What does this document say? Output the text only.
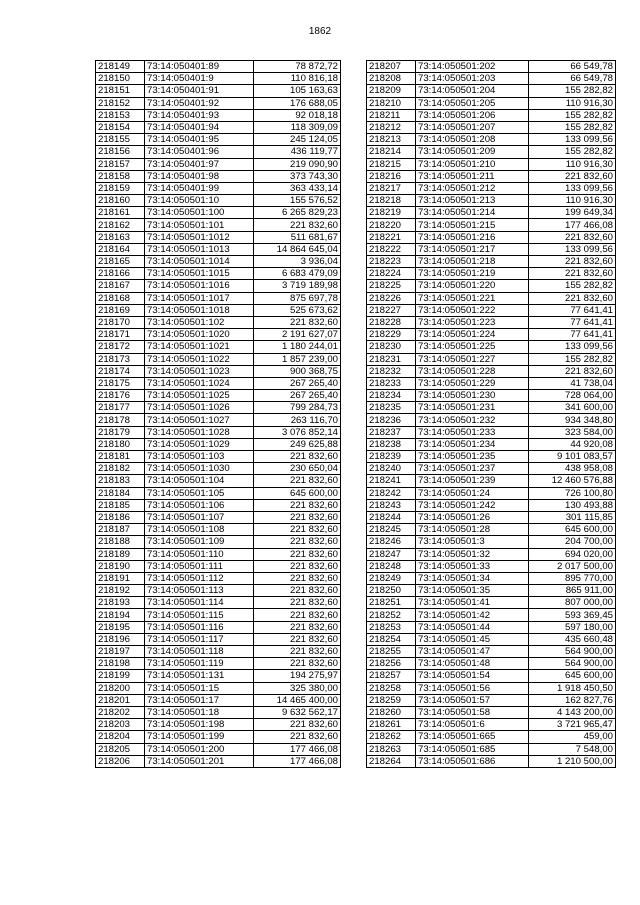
1862
218149	73:14:050401:89	78 872,72
218150	73:14:050401:9	110 816,18
218151	73:14:050401:91	105 163,63
218152	73:14:050401:92	176 688,05
218153	73:14:050401:93	92 018,18
218154	73:14:050401:94	118 309,09
218155	73:14:050401:95	245 124,05
218156	73:14:050401:96	436 119,77
218157	73:14:050401:97	219 090,90
218158	73:14:050401:98	373 743,30
218159	73:14:050401:99	363 433,14
218160	73:14:050501:10	155 576,52
218161	73:14:050501:100	6 265 829,23
218162	73:14:050501:101	221 832,60
218163	73:14:050501:1012	511 681,67
218164	73:14:050501:1013	14 864 645,04
218165	73:14:050501:1014	3 936,04
218166	73:14:050501:1015	6 683 479,09
218167	73:14:050501:1016	3 719 189,98
218168	73:14:050501:1017	875 697,78
218169	73:14:050501:1018	525 673,62
218170	73:14:050501:102	221 832,60
218171	73:14:050501:1020	2 191 627,07
218172	73:14:050501:1021	1 180 244,01
218173	73:14:050501:1022	1 857 239,00
218174	73:14:050501:1023	900 368,75
218175	73:14:050501:1024	267 265,40
218176	73:14:050501:1025	267 265,40
218177	73:14:050501:1026	799 284,73
218178	73:14:050501:1027	263 116,70
218179	73:14:050501:1028	3 076 852,14
218180	73:14:050501:1029	249 625,88
218181	73:14:050501:103	221 832,60
218182	73:14:050501:1030	230 650,04
218183	73:14:050501:104	221 832,60
218184	73:14:050501:105	645 600,00
218185	73:14:050501:106	221 832,60
218186	73:14:050501:107	221 832,60
218187	73:14:050501:108	221 832,60
218188	73:14:050501:109	221 832,60
218189	73:14:050501:110	221 832,60
218190	73:14:050501:111	221 832,60
218191	73:14:050501:112	221 832,60
218192	73:14:050501:113	221 832,60
218193	73:14:050501:114	221 832,60
218194	73:14:050501:115	221 832,60
218195	73:14:050501:116	221 832,60
218196	73:14:050501:117	221 832,60
218197	73:14:050501:118	221 832,60
218198	73:14:050501:119	221 832,60
218199	73:14:050501:131	194 275,97
218200	73:14:050501:15	325 380,00
218201	73:14:050501:17	14 465 400,00
218202	73:14:050501:18	9 632 562,17
218203	73:14:050501:198	221 832,60
218204	73:14:050501:199	221 832,60
218205	73:14:050501:200	177 466,08
218206	73:14:050501:201	177 466,08
218207	73:14:050501:202	66 549,78
218208	73:14:050501:203	66 549,78
218209	73:14:050501:204	155 282,82
218210	73:14:050501:205	110 916,30
218211	73:14:050501:206	155 282,82
218212	73:14:050501:207	155 282,82
218213	73:14:050501:208	133 099,56
218214	73:14:050501:209	155 282,82
218215	73:14:050501:210	110 916,30
218216	73:14:050501:211	221 832,60
218217	73:14:050501:212	133 099,56
218218	73:14:050501:213	110 916,30
218219	73:14:050501:214	199 649,34
218220	73:14:050501:215	177 466,08
218221	73:14:050501:216	221 832,60
218222	73:14:050501:217	133 099,56
218223	73:14:050501:218	221 832,60
218224	73:14:050501:219	221 832,60
218225	73:14:050501:220	155 282,82
218226	73:14:050501:221	221 832,60
218227	73:14:050501:222	77 641,41
218228	73:14:050501:223	77 641,41
218229	73:14:050501:224	77 641,41
218230	73:14:050501:225	133 099,56
218231	73:14:050501:227	155 282,82
218232	73:14:050501:228	221 832,60
218233	73:14:050501:229	41 738,04
218234	73:14:050501:230	728 064,00
218235	73:14:050501:231	341 600,00
218236	73:14:050501:232	934 348,80
218237	73:14:050501:233	323 584,00
218238	73:14:050501:234	44 920,08
218239	73:14:050501:235	9 101 083,57
218240	73:14:050501:237	438 958,08
218241	73:14:050501:239	12 460 576,88
218242	73:14:050501:24	726 100,80
218243	73:14:050501:242	130 493,88
218244	73:14:050501:26	301 115,85
218245	73:14:050501:28	645 600,00
218246	73:14:050501:3	204 700,00
218247	73:14:050501:32	694 020,00
218248	73:14:050501:33	2 017 500,00
218249	73:14:050501:34	895 770,00
218250	73:14:050501:35	865 911,00
218251	73:14:050501:41	807 000,00
218252	73:14:050501:42	593 369,45
218253	73:14:050501:44	597 180,00
218254	73:14:050501:45	435 660,48
218255	73:14:050501:47	564 900,00
218256	73:14:050501:48	564 900,00
218257	73:14:050501:54	645 600,00
218258	73:14:050501:56	1 918 450,50
218259	73:14:050501:57	162 827,76
218260	73:14:050501:58	4 143 200,00
218261	73:14:050501:6	3 721 965,47
218262	73:14:050501:665	459,00
218263	73:14:050501:685	7 548,00
218264	73:14:050501:686	1 210 500,00
